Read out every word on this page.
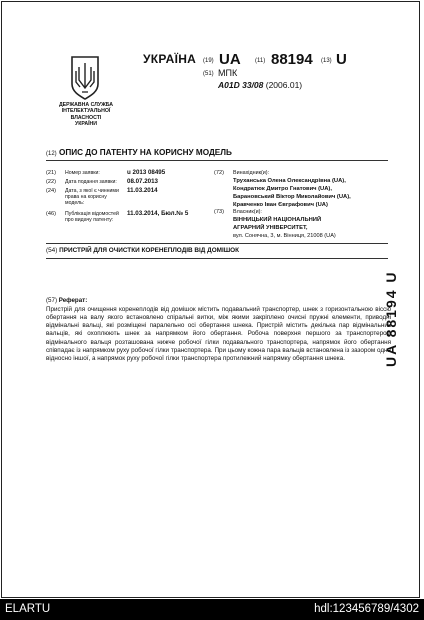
ДЕРЖАВНА СЛУЖБА
ІНТЕЛЕКТУАЛЬНОЇ
ВЛАСНОСТІ
УКРАЇНИ
УКРАЇНА (19) UA (11) 88194 (13) U
(51) МПК
A01D 33/08 (2006.01)
(12) ОПИС ДО ПАТЕНТУ НА КОРИСНУ МОДЕЛЬ
(21) Номер заявки:	u 2013 08495
(22) Дата подання заявки:	08.07.2013
(24) Дата, з якої є чинними права на корисну модель:
11.03.2014
(46) Публікація відомостей про видачу патенту:
11.03.2014, Бюл.№ 5
(72) Винахідник(и):
Труханська Олена Олександрівна (UA),
Кондратюк Дмитро Гнатович (UA),
Барановський Віктор Миколайович (UA),
Кравченко Іван Євграфович (UA)
(73) Власник(и):
ВІННИЦЬКИЙ НАЦІОНАЛЬНИЙ
АГРАРНИЙ УНІВЕРСИТЕТ,
вул. Сонячна, 3, м. Вінниця, 21008 (UA)
(54) ПРИСТРІЙ ДЛЯ ОЧИСТКИ КОРЕНЕПЛОДІВ ВІД ДОМІШОК
(57) Реферат:

Пристрій для очищення коренеплодів від домішок містить подавальний транспортер, шнек з горизонтальною віссю обертання на валу якого встановлено спіральні витки, між якими закріплено очисні пружні елементи, приводні відмінальні вальці, які розміщені паралельно осі обертання шнека. Пристрій містить декілька пар відмінальних вальців, які охоплюють шнек за напрямком його обертання. Робоча поверхня першого за транспортером відмінального вальця розташована нижче робочої гілки подавального транспортера, напрямок його обертання співпадає із напрямком руху робочої гілки транспортера. При цьому кожна пара вальців встановлена із зазором одна відносно іншої, а напрямок руху робочої гілки транспортера протилежний напрямку обертання шнека.	UA 88194 U
ELARTU	hdl:123456789/4302
